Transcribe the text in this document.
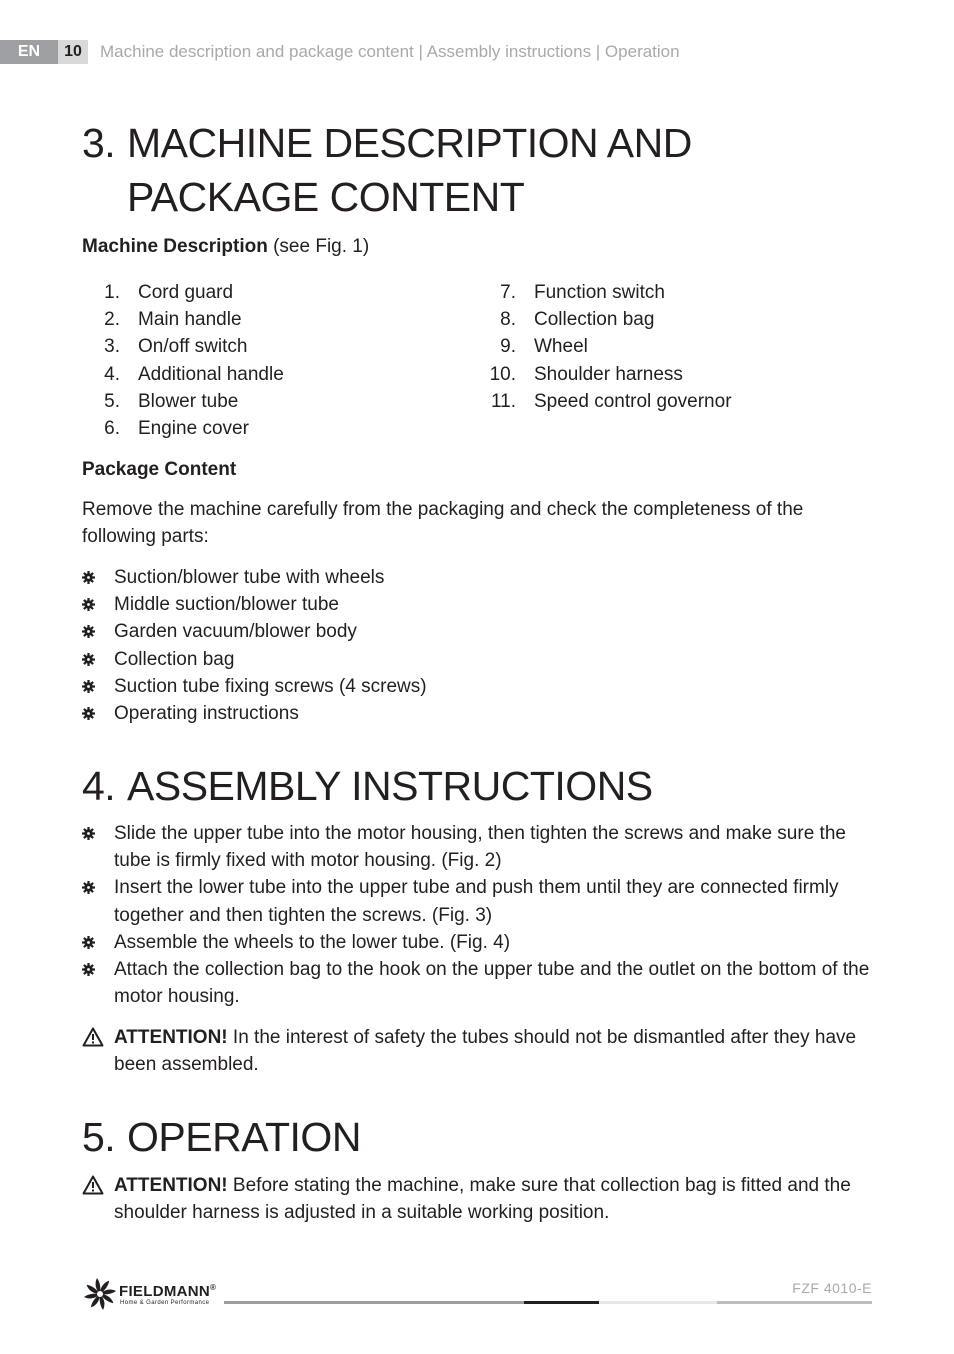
EN	10	Machine description and package content | Assembly instructions | Operation
3. MACHINE DESCRIPTION AND
PACKAGE CONTENT

Machine Description (see Fig. 1)

1. Cord guard
2. Main handle
3. On/off switch
4. Additional handle
5. Blower tube
6. Engine cover
7. Function switch
8. Collection bag
9. Wheel
10. Shoulder harness
11. Speed control governor

Package Content

Remove the machine carefully from the packaging and check the completeness of the following parts:

Suction/blower tube with wheels
Middle suction/blower tube
Garden vacuum/blower body
Collection bag
Suction tube fixing screws (4 screws)
Operating instructions
4. ASSEMBLY INSTRUCTIONS
Slide the upper tube into the motor housing, then tighten the screws and make sure the tube is firmly fixed with motor housing. (Fig. 2)
Insert the lower tube into the upper tube and push them until they are connected firmly together and then tighten the screws. (Fig. 3)
Assemble the wheels to the lower tube. (Fig. 4)
Attach the collection bag to the hook on the upper tube and the outlet on the bottom of the motor housing.
ATTENTION! In the interest of safety the tubes should not be dismantled after they have been assembled.
5. OPERATION
ATTENTION! Before stating the machine, make sure that collection bag is fitted and the shoulder harness is adjusted in a suitable working position.
FIELDMANN®
Home & Garden Performance
FZF 4010-E
